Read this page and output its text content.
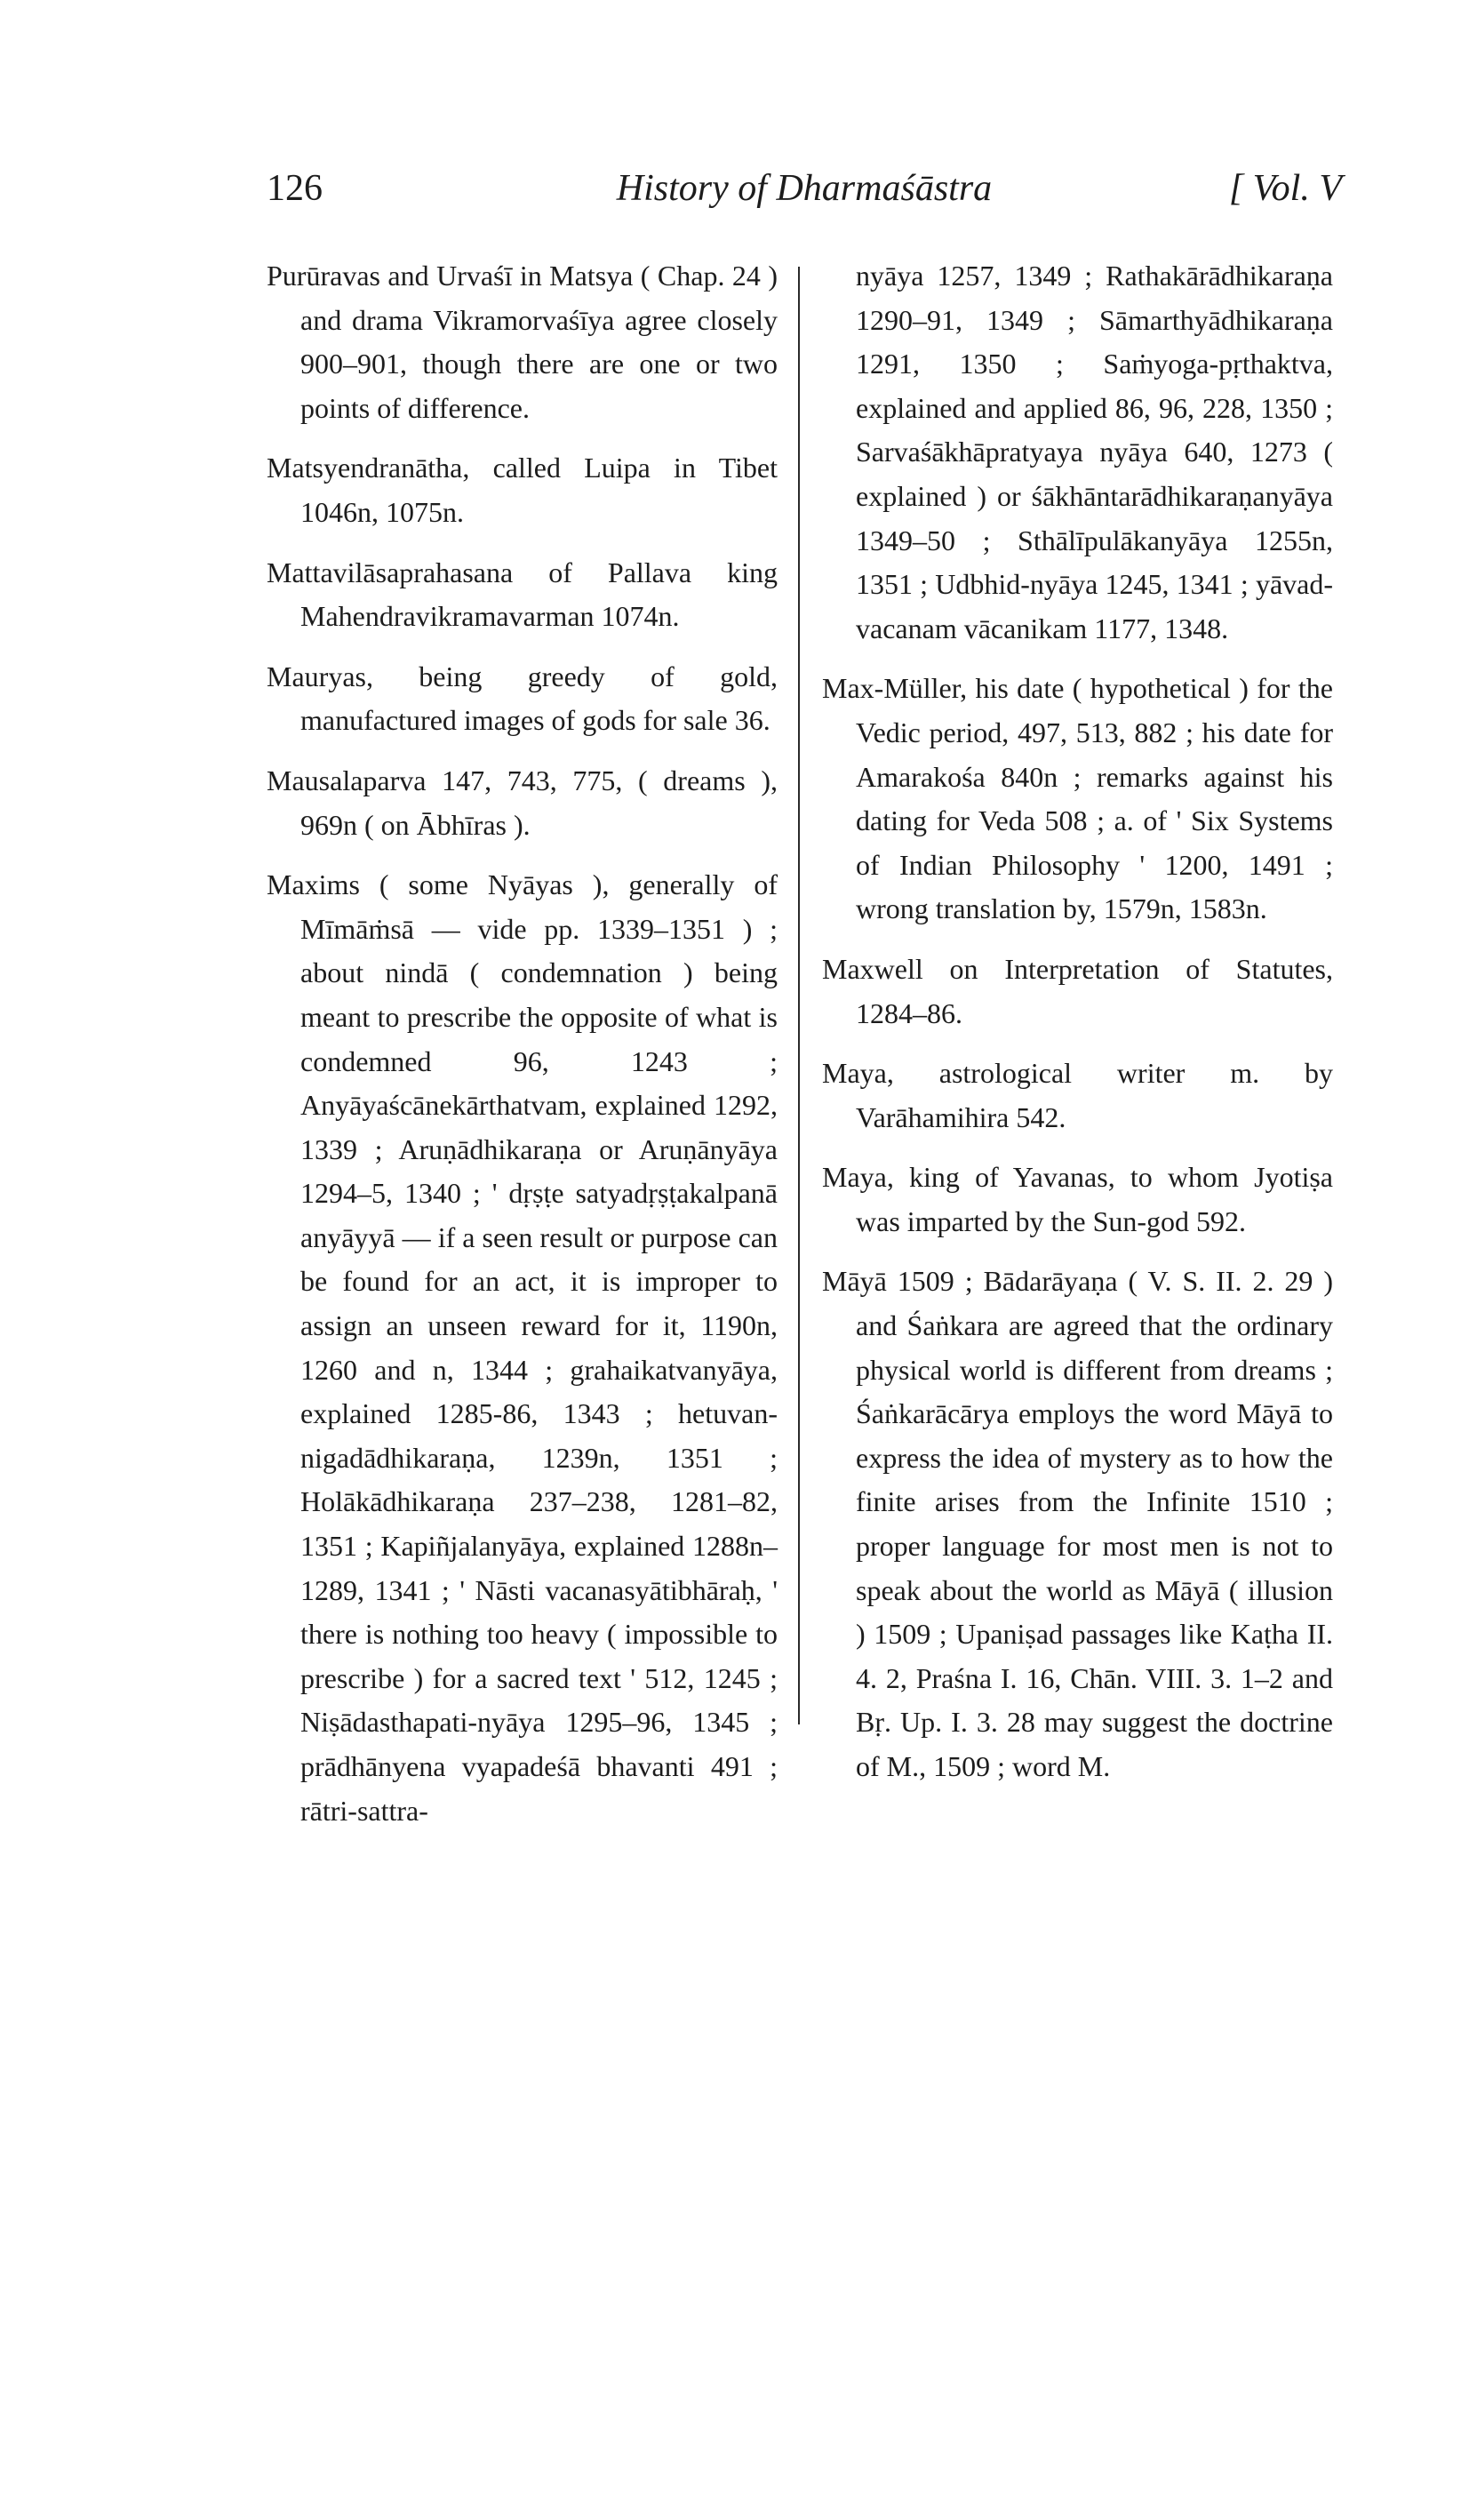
126	History of Dharmaśāstra	[ Vol. V

Purūravas and Urvaśī in Matsya ( Chap. 24 ) and drama Vikramorvaśīya agree closely 900–901, though there are one or two points of difference.

Matsyendranātha, called Luipa in Tibet 1046n, 1075n.

Mattavilāsaprahasana of Pallava king Mahendravikramavarman 1074n.

Mauryas, being greedy of gold, manufactured images of gods for sale 36.

Mausalaparva 147, 743, 775, ( dreams ), 969n ( on Ābhīras ).

Maxims ( some Nyāyas ), generally of Mīmāṁsā — vide pp. 1339–1351 ) ; about nindā ( condemnation ) being meant to prescribe the opposite of what is condemned 96, 1243 ; Anyāyaścānekārthatvam, explained 1292, 1339 ; Aruṇādhikaraṇa or Aruṇānyāya 1294–5, 1340 ; ' dṛṣṭe satyadṛṣṭakalpanā anyāyyā — if a seen result or purpose can be found for an act, it is improper to assign an unseen reward for it, 1190n, 1260 and n, 1344 ; grahaikatvanyāya, explained 1285-86, 1343 ; hetuvan-nigadādhikaraṇa, 1239n, 1351 ; Holākādhikaraṇa 237–238, 1281–82, 1351 ; Kapiñjalanyāya, explained 1288n–1289, 1341 ; ' Nāsti vacanasyātibhāraḥ, ' there is nothing too heavy ( impossible to prescribe ) for a sacred text ' 512, 1245 ; Niṣādasthapati-nyāya 1295–96, 1345 ; prādhānyena vyapadeśā bhavanti 491 ; rātri-sattra-

nyāya 1257, 1349 ; Rathakārādhikaraṇa 1290–91, 1349 ; Sāmarthyādhikaraṇa 1291, 1350 ; Saṁyoga-pṛthaktva, explained and applied 86, 96, 228, 1350 ; Sarvaśākhāpratyaya nyāya 640, 1273 ( explained ) or śākhāntarādhikaraṇanyāya 1349–50 ; Sthālīpulākanyāya 1255n, 1351 ; Udbhid-nyāya 1245, 1341 ; yāvad-vacanam vācanikam 1177, 1348.

Max-Müller, his date ( hypothetical ) for the Vedic period, 497, 513, 882 ; his date for Amarakośa 840n ; remarks against his dating for Veda 508 ; a. of ' Six Systems of Indian Philosophy ' 1200, 1491 ; wrong translation by, 1579n, 1583n.

Maxwell on Interpretation of Statutes, 1284–86.

Maya, astrological writer m. by Varāhamihira 542.

Maya, king of Yavanas, to whom Jyotiṣa was imparted by the Sun-god 592.

Māyā 1509 ; Bādarāyaṇa ( V. S. II. 2. 29 ) and Śaṅkara are agreed that the ordinary physical world is different from dreams ; Śaṅkarācārya employs the word Māyā to express the idea of mystery as to how the finite arises from the Infinite 1510 ; proper language for most men is not to speak about the world as Māyā ( illusion ) 1509 ; Upaniṣad passages like Kaṭha II. 4. 2, Praśna I. 16, Chān. VIII. 3. 1–2 and Bṛ. Up. I. 3. 28 may suggest the doctrine of M., 1509 ; word M.
